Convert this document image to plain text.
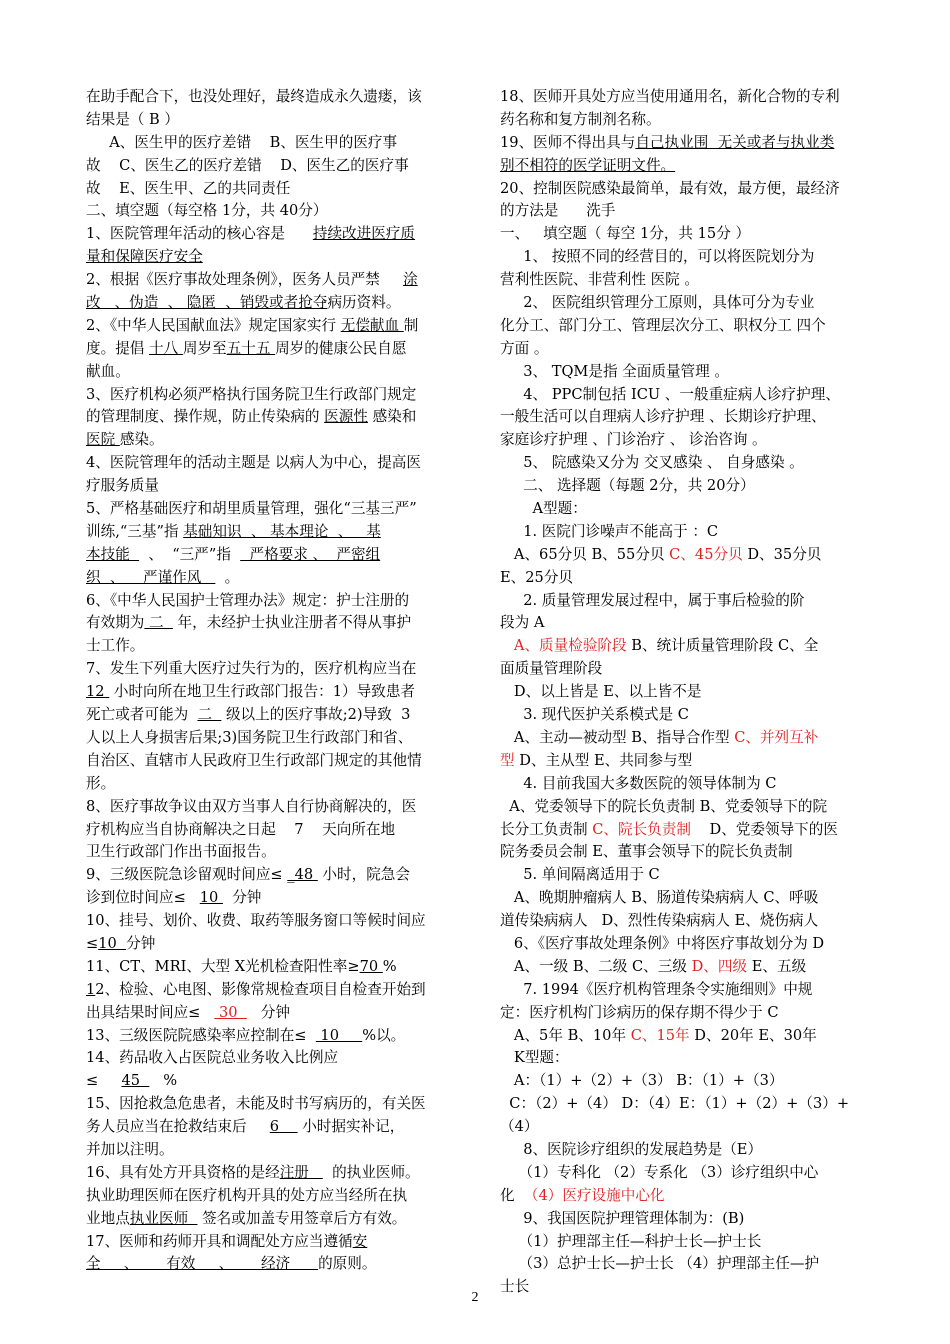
在助手配合下，也没处理好，最终造成永久遗瘘，该
结果是（ B ）
A、医生甲的医疗差错    B、医生甲的医疗事
故    C、医生乙的医疗差错    D、医生乙的医疗事
故    E、医生甲、乙的共同责任
二、填空题（每空格 1分，共 40分）
1、医院管理年活动的核心容是      持续改进医疗质
量和保障医疗安全
2、根据《医疗事故处理条例》，医务人员严禁     涂
改   、伪造  、 隐匿  、销毁或者抢夺病历资料。
2、《中华人民国献血法》规定国家实行 无偿献血 制
度。提倡 十八 周岁至五十五 周岁的健康公民自愿
献血。
3、医疗机构必须严格执行国务院卫生行政部门规定
的管理制度、操作规，防止传染病的 医源性 感染和
医院 感染。
4、医院管理年的活动主题是 以病人为中心，提高医
疗服务质量
5、严格基础医疗和胡里质量管理，强化“三基三严”
训练,“三基”指 基础知识  、 基本理论  、   基
本技能    、  “三严”指    严格要求 、  严密组
织  、    严谨作风     。
6、《中华人民国护士管理办法》规定：护士注册的
有效期为 二   年，未经护士执业注册者不得从事护
士工作。
7、发生下列重大医疗过失行为的，医疗机构应当在
12  小时向所在地卫生行政部门报告：1）导致患者
死亡或者可能为  二   级以上的医疗事故;2)导致  3
人以上人身损害后果;3)国务院卫生行政部门和省、
自治区、直辖市人民政府卫生行政部门规定的其他情
形。
8、医疗事故争议由双方当事人自行协商解决的，医
疗机构应当自协商解决之日起    7    天向所在地
卫生行政部门作出书面报告。
9、三级医院急诊留观时间应≤ _48  小时，院急会
诊到位时间应≤   10   分钟
10、挂号、划价、收费、取药等服务窗口等候时间应
≤10  分钟
11、CT、MRI、大型 X光机检查阳性率≥70 %
12、检验、心电图、影像常规检查项目自检查开始到
出具结果时间应≤    30     分钟
13、三级医院院感染率应控制在≤   10     %以。
14、药品收入占医院总业务收入比例应
≤     45     %
15、因抢救急危患者，未能及时书写病历的，有关医
务人员应当在抢救结束后     6     小时据实补记，
并加以注明。
16、具有处方开具资格的是经注册     的执业医师。
执业助理医师在医疗机构开具的处方应当经所在执
业地点执业医师   签名或加盖专用签章后方有效。
17、医师和药师开具和调配处方应当遵循安
全     、      有效     、      经济      的原则。
18、医师开具处方应当使用通用名，新化合物的专利
药名称和复方制剂名称。
19、医师不得出具与自己执业围  无关或者与执业类
别不相符的医学证明文件。
20、控制医院感染最简单，最有效，最方便，最经济
的方法是      洗手
一、   填空题（ 每空 1分，共 15分 ）
1、 按照不同的经营目的，可以将医院划分为
营利性医院、非营利性 医院 。
2、 医院组织管理分工原则，具体可分为专业
化分工、部门分工、管理层次分工、职权分工 四个
方面 。
3、 TQM是指 全面质量管理 。
4、 PPC制包括 ICU 、一般重症病人诊疗护理、
一般生活可以自理病人诊疗护理 、长期诊疗护理、
家庭诊疗护理 、门诊治疗 、 诊治咨询 。
5、 院感染又分为 交叉感染 、 自身感染 。
二、 选择题（每题 2分，共 20分）
A型题：
1. 医院门诊噪声不能高于 ：C
A、65分贝 B、55分贝 C、45分贝 D、35分贝
E、25分贝
2. 质量管理发展过程中，属于事后检验的阶
段为 A
A、质量检验阶段 B、统计质量管理阶段 C、全
面质量管理阶段
D、以上皆是 E、以上皆不是
3. 现代医护关系模式是 C
A、主动—被动型 B、指导合作型 C、并列互补
型 D、主从型 E、共同参与型
4. 目前我国大多数医院的领导体制为 C
A、党委领导下的院长负责制 B、党委领导下的院
长分工负责制 C、院长负责制    D、党委领导下的医
院务委员会制 E、董事会领导下的院长负责制
5. 单间隔离适用于 C
A、晚期肿瘤病人 B、肠道传染病病人 C、呼吸
道传染病病人   D、烈性传染病病人 E、烧伤病人
6、《医疗事故处理条例》中将医疗事故划分为 D
A、一级 B、二级 C、三级 D、四级 E、五级
7. 1994《医疗机构管理条令实施细则》中规
定：医疗机构门诊病历的保存期不得少于 C
A、5年 B、10年 C、15年 D、20年 E、30年
K型题：
A：（1）+（2）+（3） B：（1）+（3）
C：（2）+（4） D：（4）E：（1）+（2）+（3）+
（4）
8、医院诊疗组织的发展趋势是（E）
（1）专科化 （2）专系化 （3）诊疗组织中心
化  （4）医疗设施中心化
9、我国医院护理管理体制为：(B)
（1）护理部主任—科护士长—护士长
（3）总护士长—护士长 （4）护理部主任—护
士长
2
